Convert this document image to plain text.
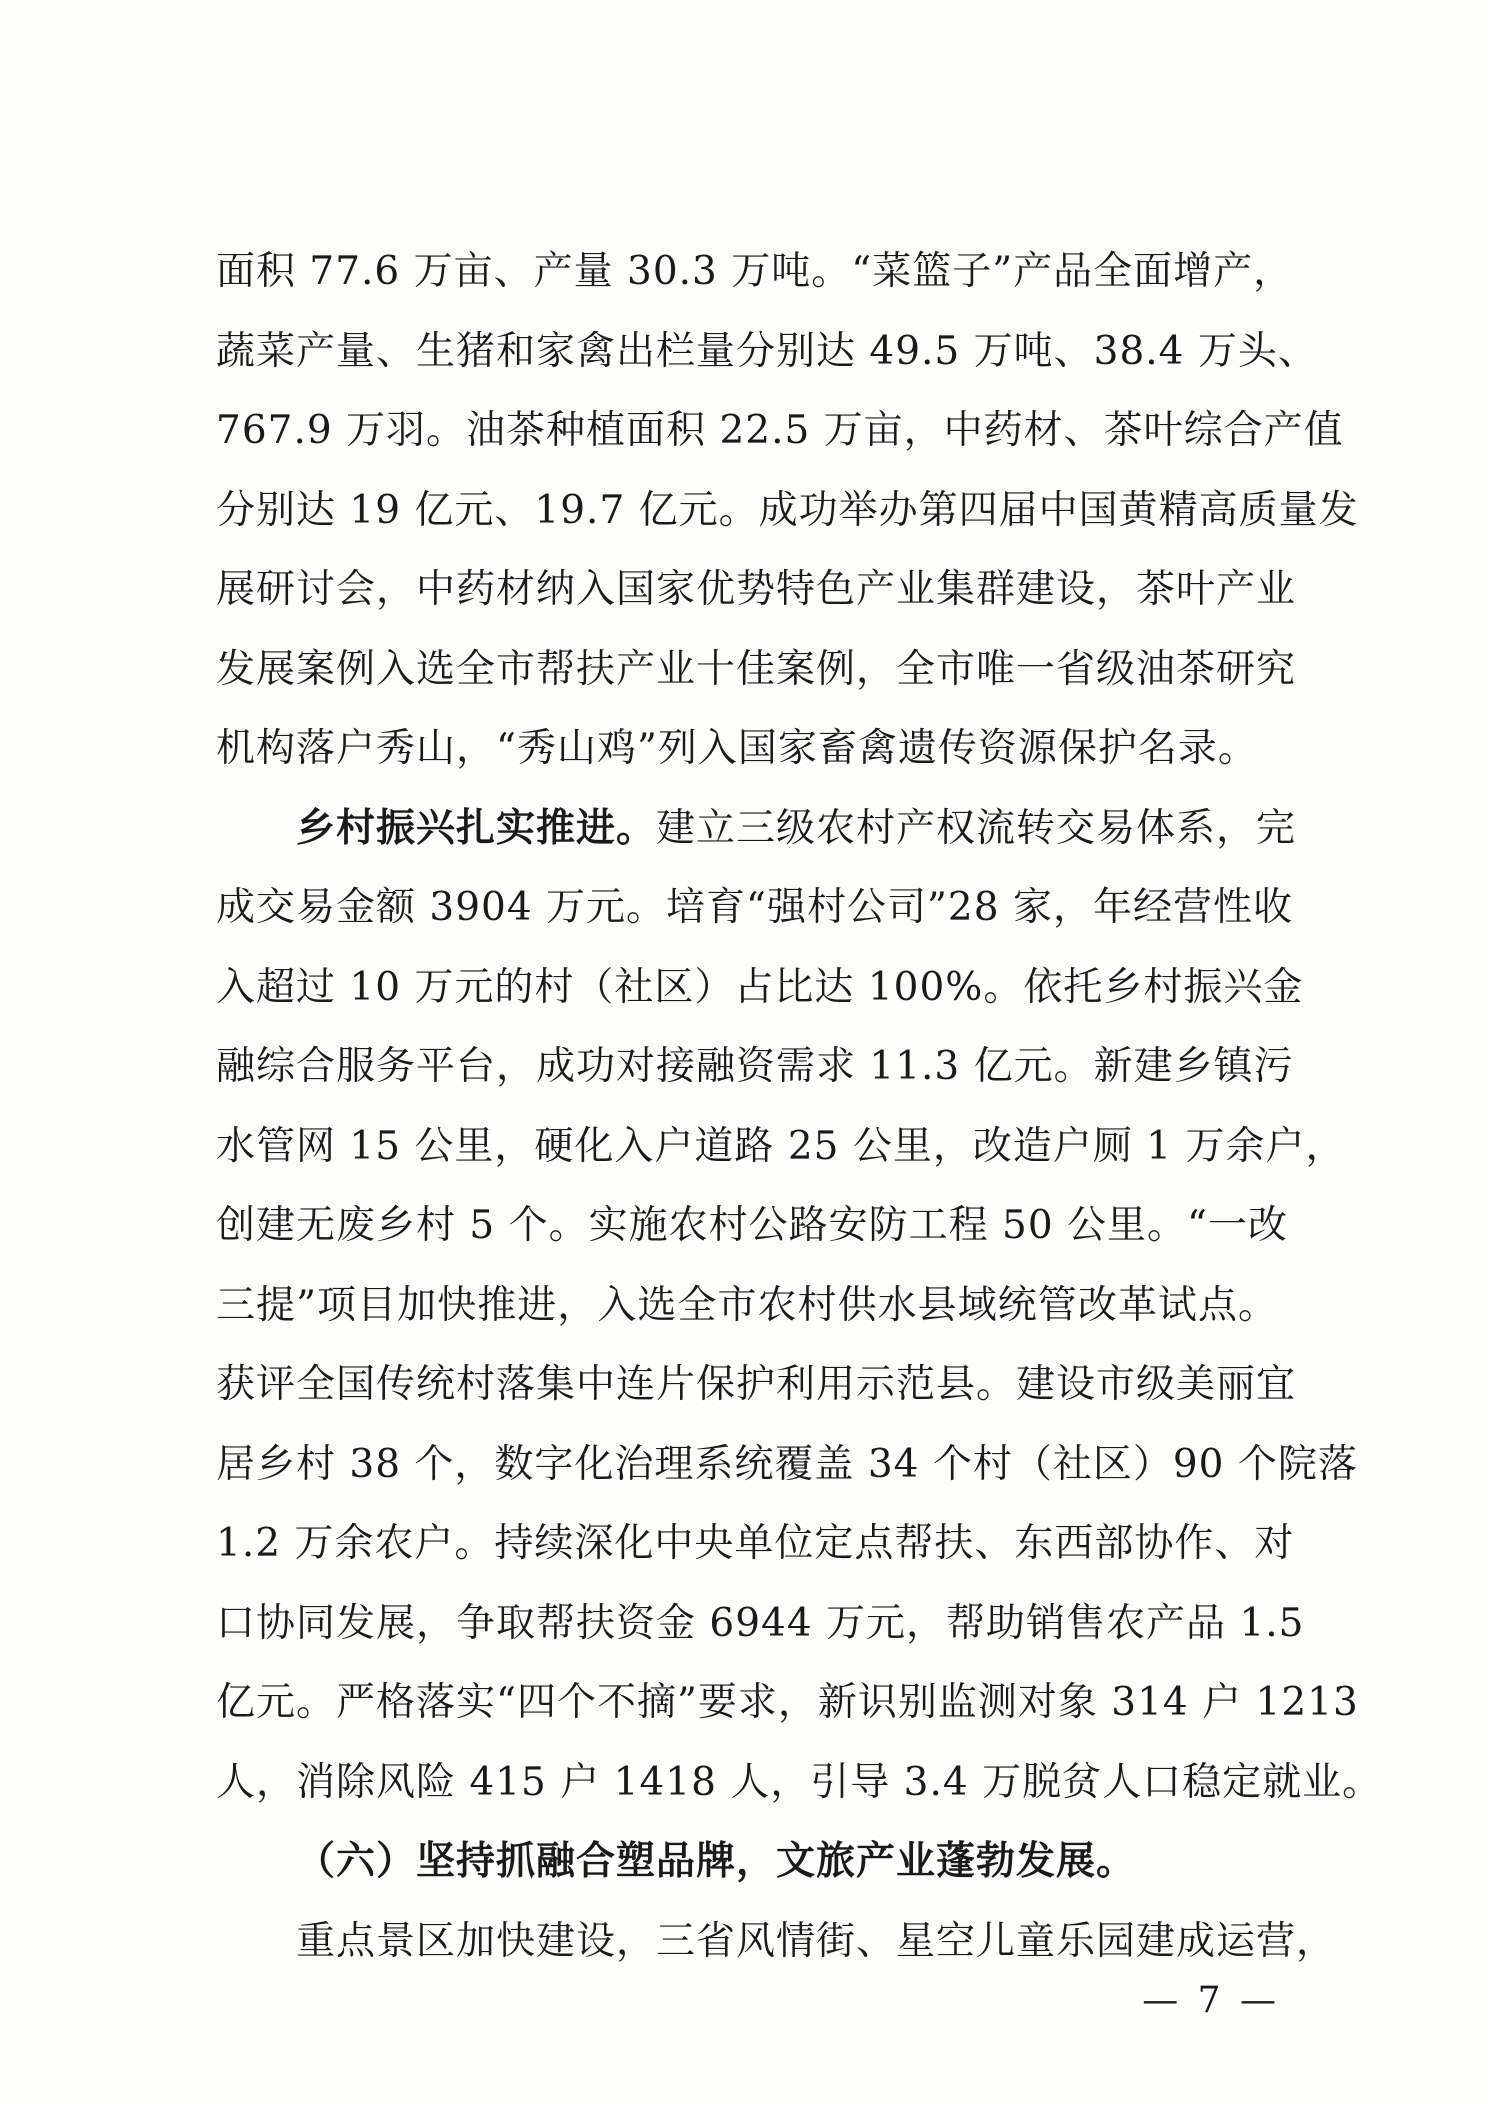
面积 77.6 万亩、产量 30.3 万吨。“菜篮子”产品全面增产，
蔬菜产量、生猪和家禽出栏量分别达 49.5 万吨、38.4 万头、
767.9 万羽。油茶种植面积 22.5 万亩，中药材、茶叶综合产值
分别达 19 亿元、19.7 亿元。成功举办第四届中国黄精高质量发
展研讨会，中药材纳入国家优势特色产业集群建设，茶叶产业
发展案例入选全市帮扶产业十佳案例，全市唯一省级油茶研究
机构落户秀山，“秀山鸡”列入国家畜禽遗传资源保护名录。
乡村振兴扎实推进。建立三级农村产权流转交易体系，完
成交易金额 3904 万元。培育“强村公司”28 家，年经营性收
入超过 10 万元的村（社区）占比达 100%。依托乡村振兴金
融综合服务平台，成功对接融资需求 11.3 亿元。新建乡镇污
水管网 15 公里，硬化入户道路 25 公里，改造户厕 1 万余户，
创建无废乡村 5 个。实施农村公路安防工程 50 公里。“一改
三提”项目加快推进，入选全市农村供水县域统管改革试点。
获评全国传统村落集中连片保护利用示范县。建设市级美丽宜
居乡村 38 个，数字化治理系统覆盖 34 个村（社区）90 个院落
1.2 万余农户。持续深化中央单位定点帮扶、东西部协作、对
口协同发展，争取帮扶资金 6944 万元，帮助销售农产品 1.5
亿元。严格落实“四个不摘”要求，新识别监测对象 314 户 1213
人，消除风险 415 户 1418 人，引导 3.4 万脱贫人口稳定就业。
（六）坚持抓融合塑品牌，文旅产业蓬勃发展。
重点景区加快建设，三省风情街、星空儿童乐园建成运营，
— 7 —
